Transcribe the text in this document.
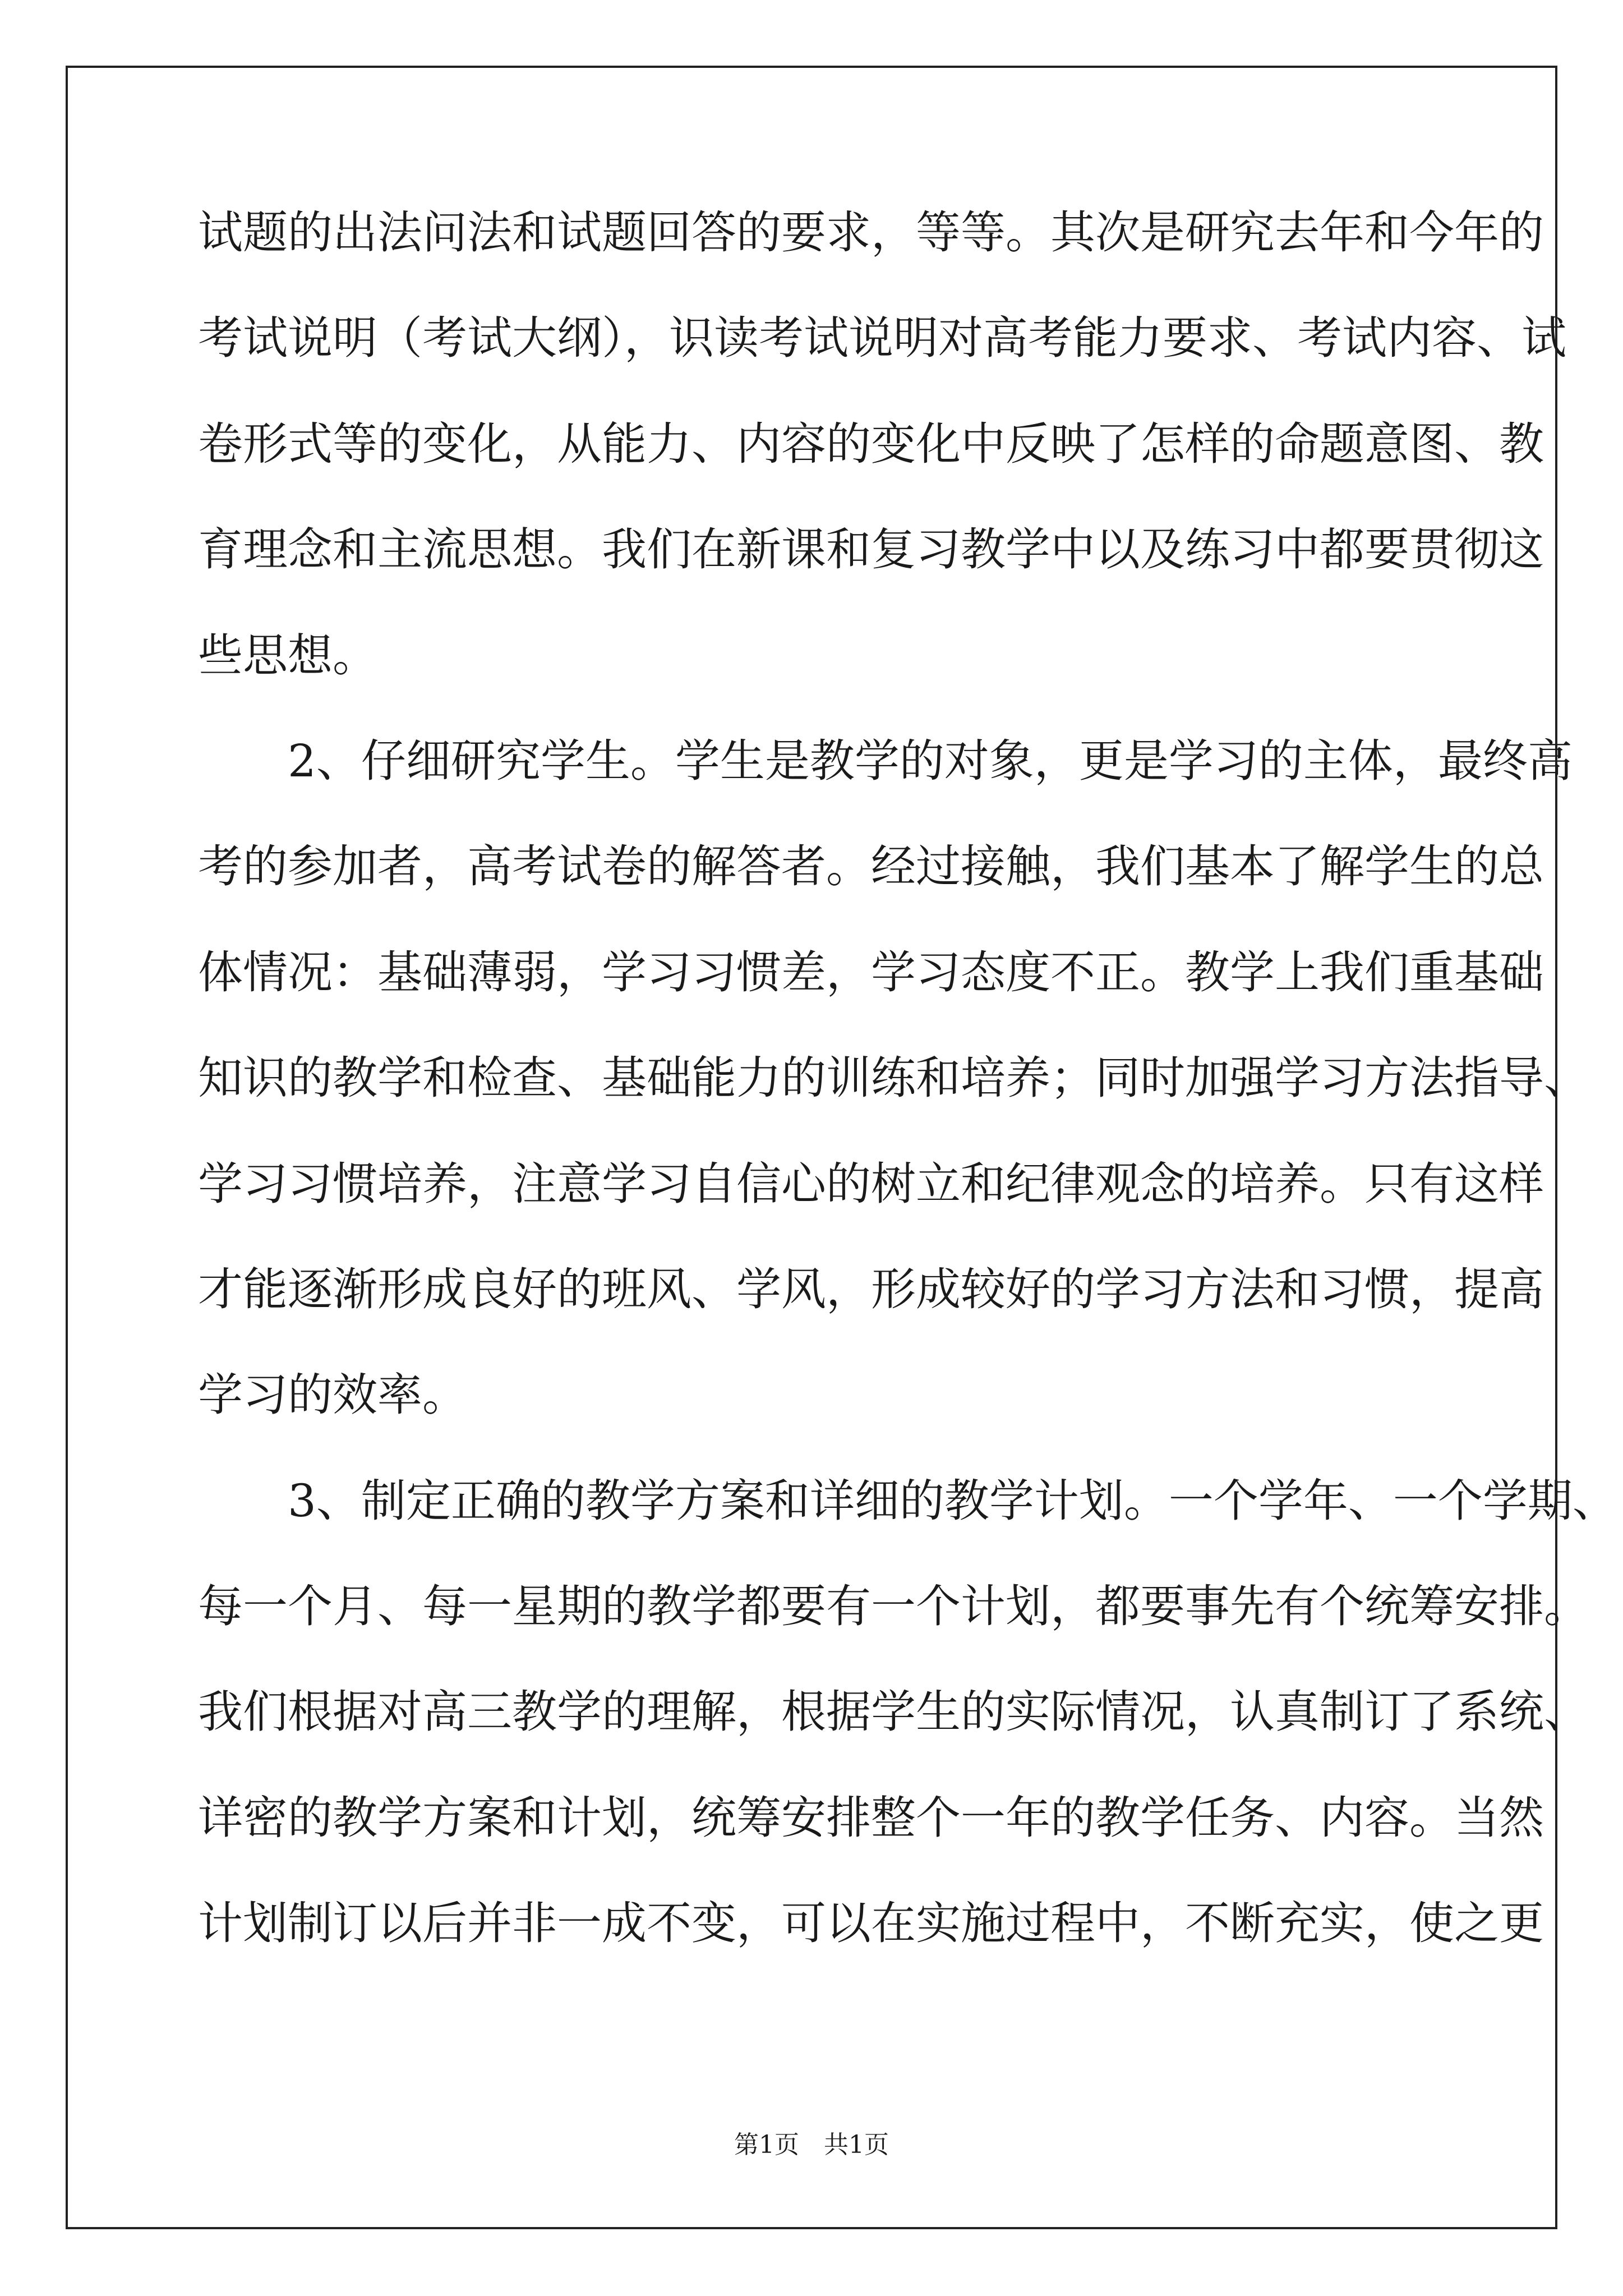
试题的出法问法和试题回答的要求，等等。其次是研究去年和今年的
考试说明（考试大纲），识读考试说明对高考能力要求、考试内容、试
卷形式等的变化，从能力、内容的变化中反映了怎样的命题意图、教
育理念和主流思想。我们在新课和复习教学中以及练习中都要贯彻这
些思想。
2、仔细研究学生。学生是教学的对象，更是学习的主体，最终高
考的参加者，高考试卷的解答者。经过接触，我们基本了解学生的总
体情况：基础薄弱，学习习惯差，学习态度不正。教学上我们重基础
知识的教学和检查、基础能力的训练和培养；同时加强学习方法指导、
学习习惯培养，注意学习自信心的树立和纪律观念的培养。只有这样
才能逐渐形成良好的班风、学风，形成较好的学习方法和习惯，提高
学习的效率。
3、制定正确的教学方案和详细的教学计划。一个学年、一个学期、
每一个月、每一星期的教学都要有一个计划，都要事先有个统筹安排。
我们根据对高三教学的理解，根据学生的实际情况，认真制订了系统、
详密的教学方案和计划，统筹安排整个一年的教学任务、内容。当然
计划制订以后并非一成不变，可以在实施过程中，不断充实，使之更
第1页　共1页
